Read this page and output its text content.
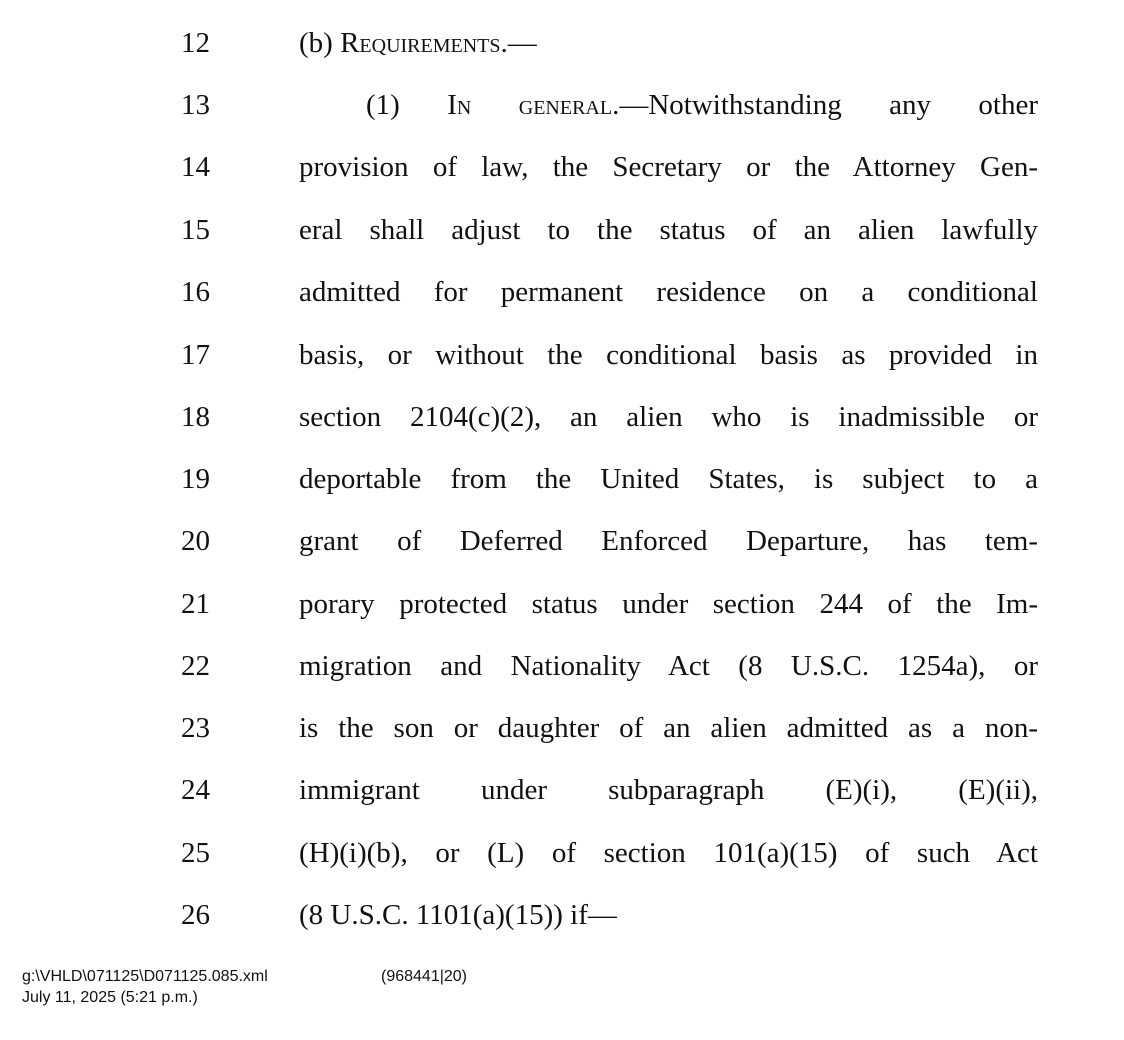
12	(b) Requirements.—
13	(1) In general.—Notwithstanding any other
14	provision of law, the Secretary or the Attorney Gen-
15	eral shall adjust to the status of an alien lawfully
16	admitted for permanent residence on a conditional
17	basis, or without the conditional basis as provided in
18	section 2104(c)(2), an alien who is inadmissible or
19	deportable from the United States, is subject to a
20	grant of Deferred Enforced Departure, has tem-
21	porary protected status under section 244 of the Im-
22	migration and Nationality Act (8 U.S.C. 1254a), or
23	is the son or daughter of an alien admitted as a non-
24	immigrant under subparagraph (E)(i), (E)(ii),
25	(H)(i)(b), or (L) of section 101(a)(15) of such Act
26	(8 U.S.C. 1101(a)(15)) if—
g:\VHLD\071125\D071125.085.xml	(968441|20)
July 11, 2025 (5:21 p.m.)
